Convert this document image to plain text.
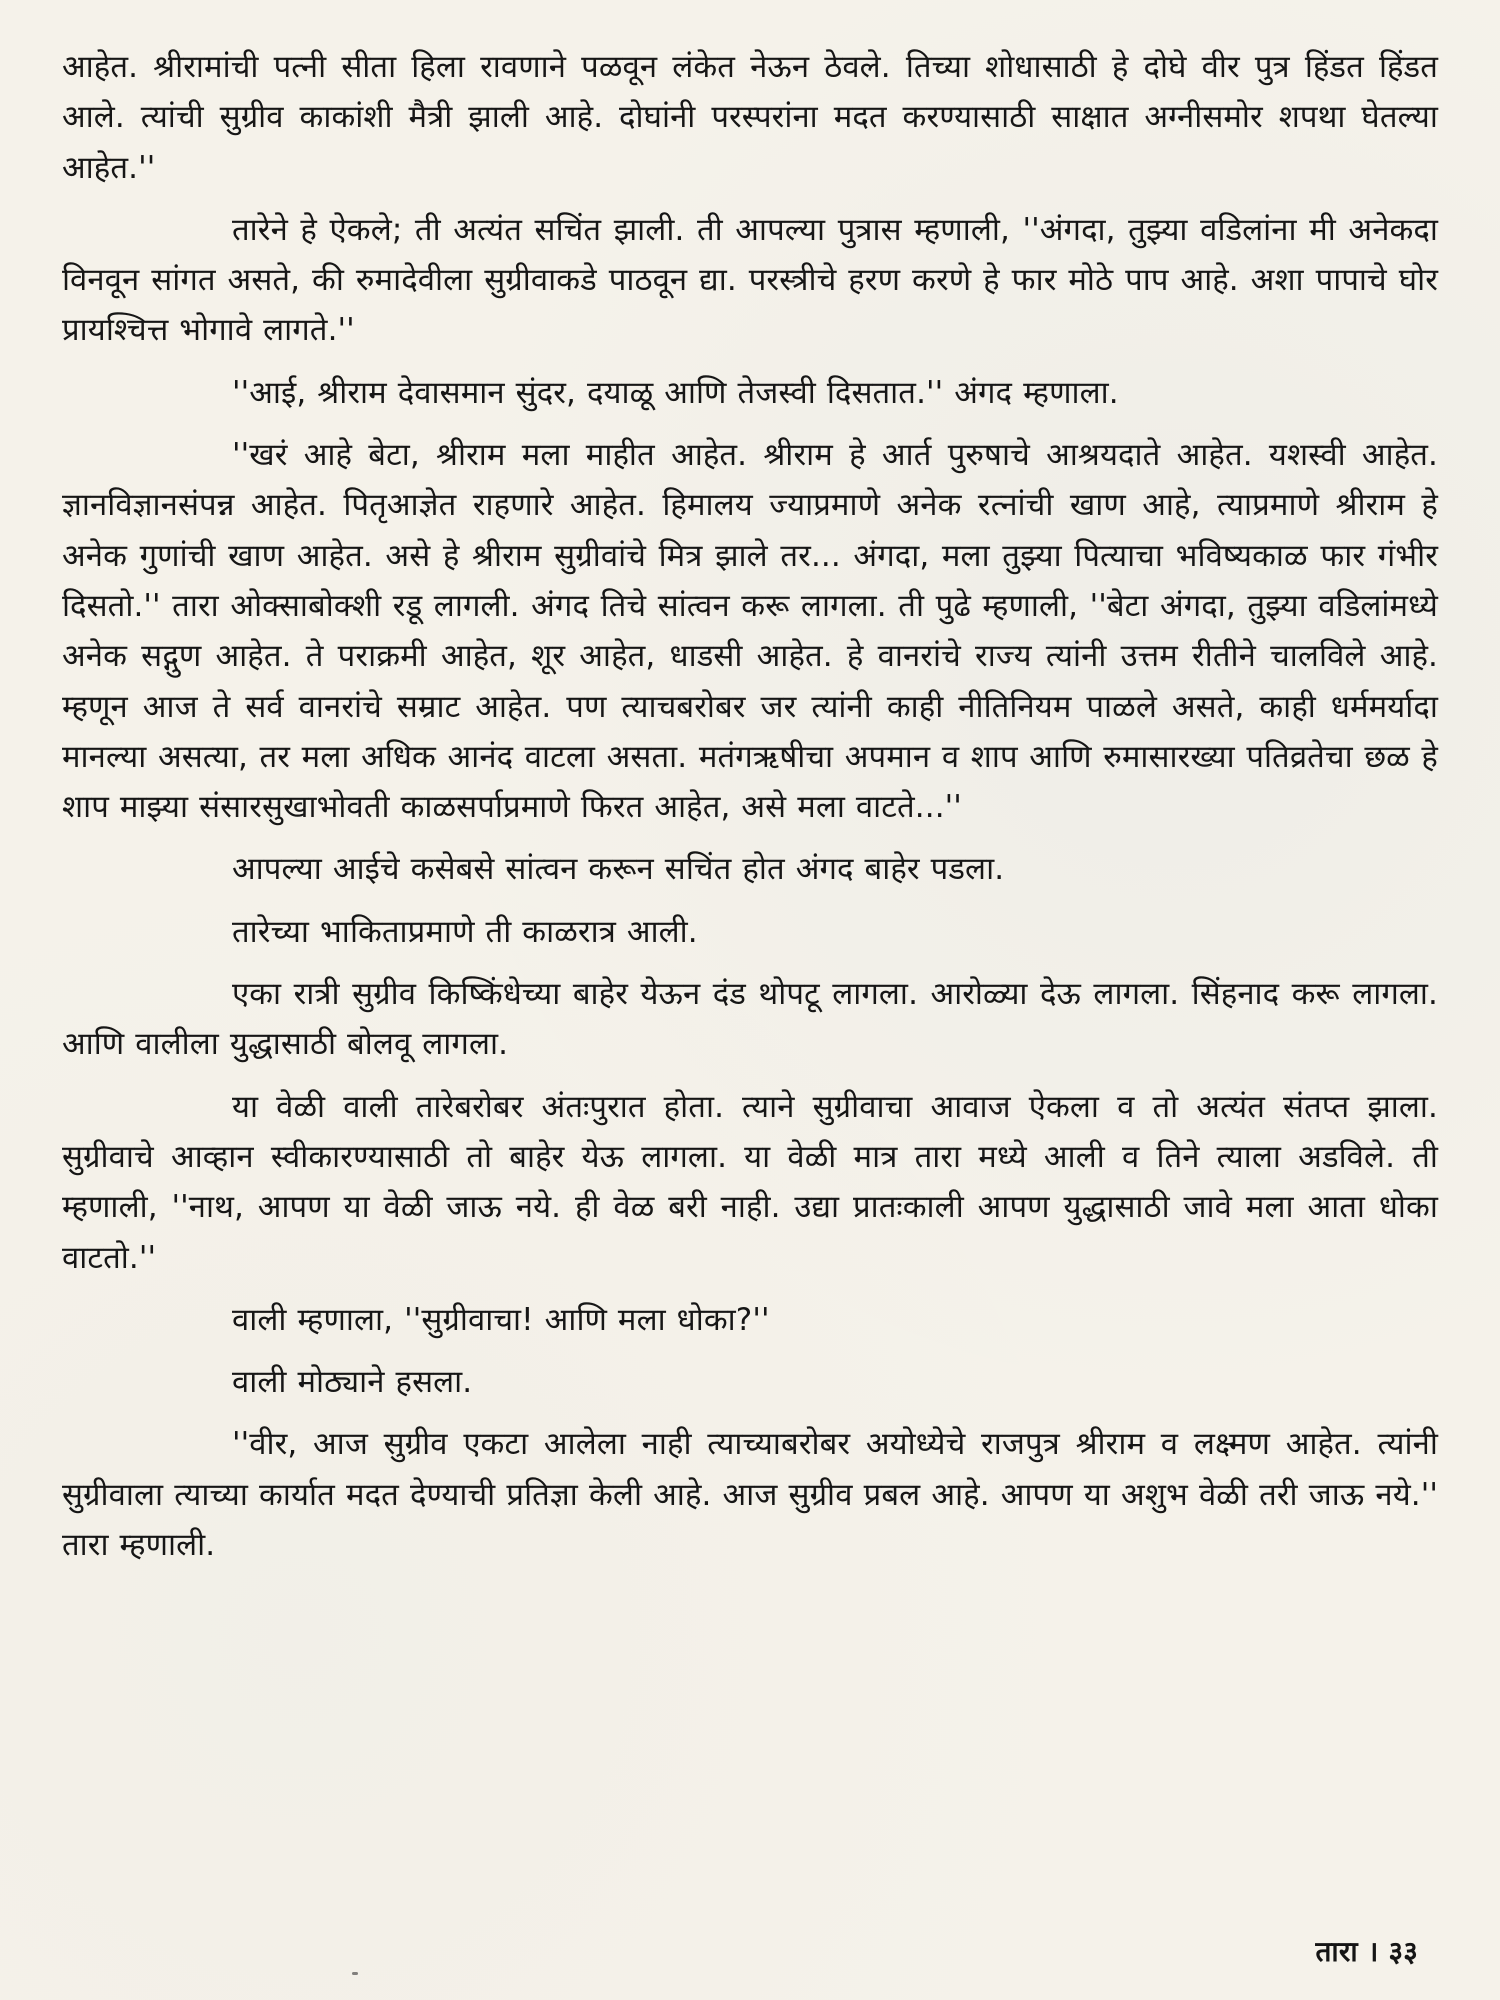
आहेत. श्रीरामांची पत्नी सीता हिला रावणाने पळवून लंकेत नेऊन ठेवले. तिच्या शोधासाठी हे दोघे वीर पुत्र हिंडत हिंडत आले. त्यांची सुग्रीव काकांशी मैत्री झाली आहे. दोघांनी परस्परांना मदत करण्यासाठी साक्षात अग्नीसमोर शपथा घेतल्या आहेत.''

तारेने हे ऐकले; ती अत्यंत सचिंत झाली. ती आपल्या पुत्रास म्हणाली, ''अंगदा, तुझ्या वडिलांना मी अनेकदा विनवून सांगत असते, की रुमादेवीला सुग्रीवाकडे पाठवून द्या. परस्त्रीचे हरण करणे हे फार मोठे पाप आहे. अशा पापाचे घोर प्रायश्चित्त भोगावे लागते.''

''आई, श्रीराम देवासमान सुंदर, दयाळू आणि तेजस्वी दिसतात.'' अंगद म्हणाला.

''खरं आहे बेटा, श्रीराम मला माहीत आहेत. श्रीराम हे आर्त पुरुषाचे आश्रयदाते आहेत. यशस्वी आहेत. ज्ञानविज्ञानसंपन्न आहेत. पितृआज्ञेत राहणारे आहेत. हिमालय ज्याप्रमाणे अनेक रत्नांची खाण आहे, त्याप्रमाणे श्रीराम हे अनेक गुणांची खाण आहेत. असे हे श्रीराम सुग्रीवांचे मित्र झाले तर... अंगदा, मला तुझ्या पित्याचा भविष्यकाळ फार गंभीर दिसतो.'' तारा ओक्साबोक्शी रडू लागली. अंगद तिचे सांत्वन करू लागला. ती पुढे म्हणाली, ''बेटा अंगदा, तुझ्या वडिलांमध्ये अनेक सद्गुण आहेत. ते पराक्रमी आहेत, शूर आहेत, धाडसी आहेत. हे वानरांचे राज्य त्यांनी उत्तम रीतीने चालविले आहे. म्हणून आज ते सर्व वानरांचे सम्राट आहेत. पण त्याचबरोबर जर त्यांनी काही नीतिनियम पाळले असते, काही धर्ममर्यादा मानल्या असत्या, तर मला अधिक आनंद वाटला असता. मतंगऋषीचा अपमान व शाप आणि रुमासारख्या पतिव्रतेचा छळ हे शाप माझ्या संसारसुखाभोवती काळसर्पाप्रमाणे फिरत आहेत, असे मला वाटते...''

आपल्या आईचे कसेबसे सांत्वन करून सचिंत होत अंगद बाहेर पडला.

तारेच्या भाकिताप्रमाणे ती काळरात्र आली.

एका रात्री सुग्रीव किष्किंधेच्या बाहेर येऊन दंड थोपटू लागला. आरोळ्या देऊ लागला. सिंहनाद करू लागला. आणि वालीला युद्धासाठी बोलवू लागला.

या वेळी वाली तारेबरोबर अंतःपुरात होता. त्याने सुग्रीवाचा आवाज ऐकला व तो अत्यंत संतप्त झाला. सुग्रीवाचे आव्हान स्वीकारण्यासाठी तो बाहेर येऊ लागला. या वेळी मात्र तारा मध्ये आली व तिने त्याला अडविले. ती म्हणाली, ''नाथ, आपण या वेळी जाऊ नये. ही वेळ बरी नाही. उद्या प्रातःकाली आपण युद्धासाठी जावे मला आता धोका वाटतो.''

वाली म्हणाला, ''सुग्रीवाचा! आणि मला धोका?''

वाली मोठ्याने हसला.

''वीर, आज सुग्रीव एकटा आलेला नाही त्याच्याबरोबर अयोध्येचे राजपुत्र श्रीराम व लक्ष्मण आहेत. त्यांनी सुग्रीवाला त्याच्या कार्यात मदत देण्याची प्रतिज्ञा केली आहे. आज सुग्रीव प्रबल आहे. आपण या अशुभ वेळी तरी जाऊ नये.'' तारा म्हणाली.

तारा । ३३
